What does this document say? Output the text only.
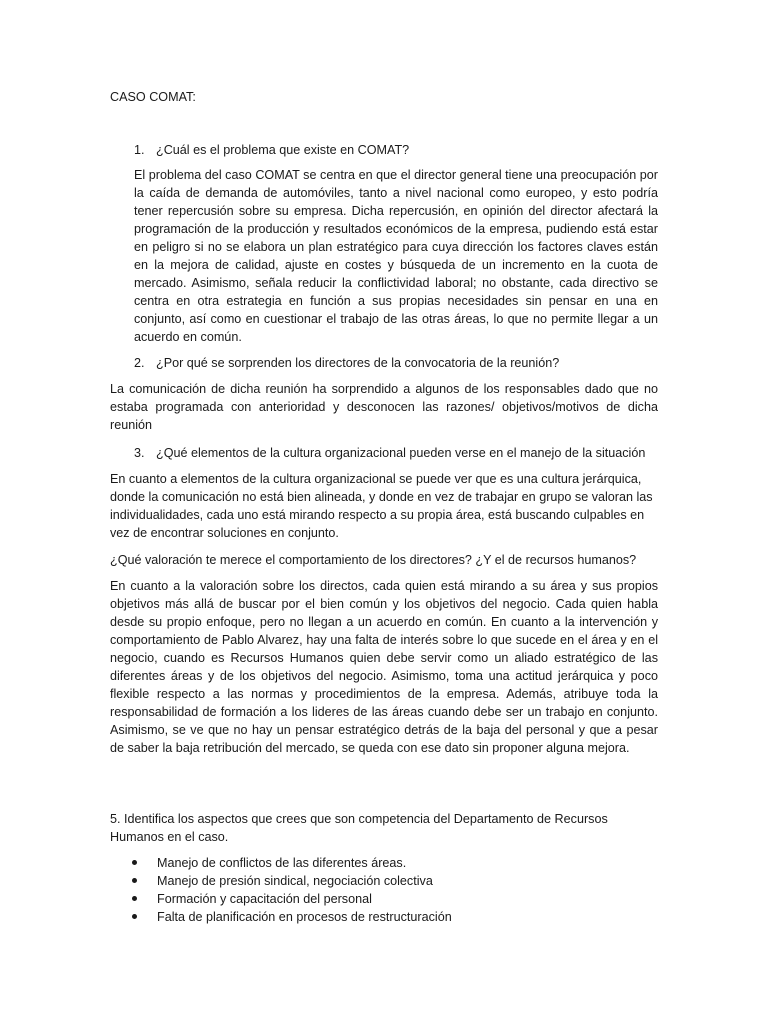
CASO COMAT:

1. ¿Cuál es el problema que existe en COMAT?

El problema del caso COMAT se centra en que el director general tiene una preocupación por la caída de demanda de automóviles, tanto a nivel nacional como europeo, y esto podría tener repercusión sobre su empresa. Dicha repercusión, en opinión del director afectará la programación de la producción y resultados económicos de la empresa, pudiendo está estar en peligro si no se elabora un plan estratégico para cuya dirección los factores claves están en la mejora de calidad, ajuste en costes y búsqueda de un incremento en la cuota de mercado. Asimismo, señala reducir la conflictividad laboral; no obstante, cada directivo se centra en otra estrategia en función a sus propias necesidades sin pensar en una en conjunto, así como en cuestionar el trabajo de las otras áreas, lo que no permite llegar a un acuerdo en común.

2. ¿Por qué se sorprenden los directores de la convocatoria de la reunión?

La comunicación de dicha reunión ha sorprendido a algunos de los responsables dado que no estaba programada con anterioridad y desconocen las razones/ objetivos/motivos de dicha reunión

3. ¿Qué elementos de la cultura organizacional pueden verse en el manejo de la situación

En cuanto a elementos de la cultura organizacional se puede ver que es una cultura jerárquica, donde la comunicación no está bien alineada, y donde en vez de trabajar en grupo se valoran las individualidades, cada uno está mirando respecto a su propia área, está buscando culpables en vez de encontrar soluciones en conjunto.

¿Qué valoración te merece el comportamiento de los directores? ¿Y el de recursos humanos?

En cuanto a la valoración sobre los directos, cada quien está mirando a su área y sus propios objetivos más allá de buscar por el bien común y los objetivos del negocio. Cada quien habla desde su propio enfoque, pero no llegan a un acuerdo en común. En cuanto a la intervención y comportamiento de Pablo Alvarez, hay una falta de interés sobre lo que sucede en el área y en el negocio, cuando es Recursos Humanos quien debe servir como un aliado estratégico de las diferentes áreas y de los objetivos del negocio. Asimismo, toma una actitud jerárquica y poco flexible respecto a las normas y procedimientos de la empresa. Además, atribuye toda la responsabilidad de formación a los lideres de las áreas cuando debe ser un trabajo en conjunto. Asimismo, se ve que no hay un pensar estratégico detrás de la baja del personal y que a pesar de saber la baja retribución del mercado, se queda con ese dato sin proponer alguna mejora.

5. Identifica los aspectos que crees que son competencia del Departamento de Recursos Humanos en el caso.

Manejo de conflictos de las diferentes áreas.
Manejo de presión sindical, negociación colectiva
Formación y capacitación del personal
Falta de planificación en procesos de restructuración
